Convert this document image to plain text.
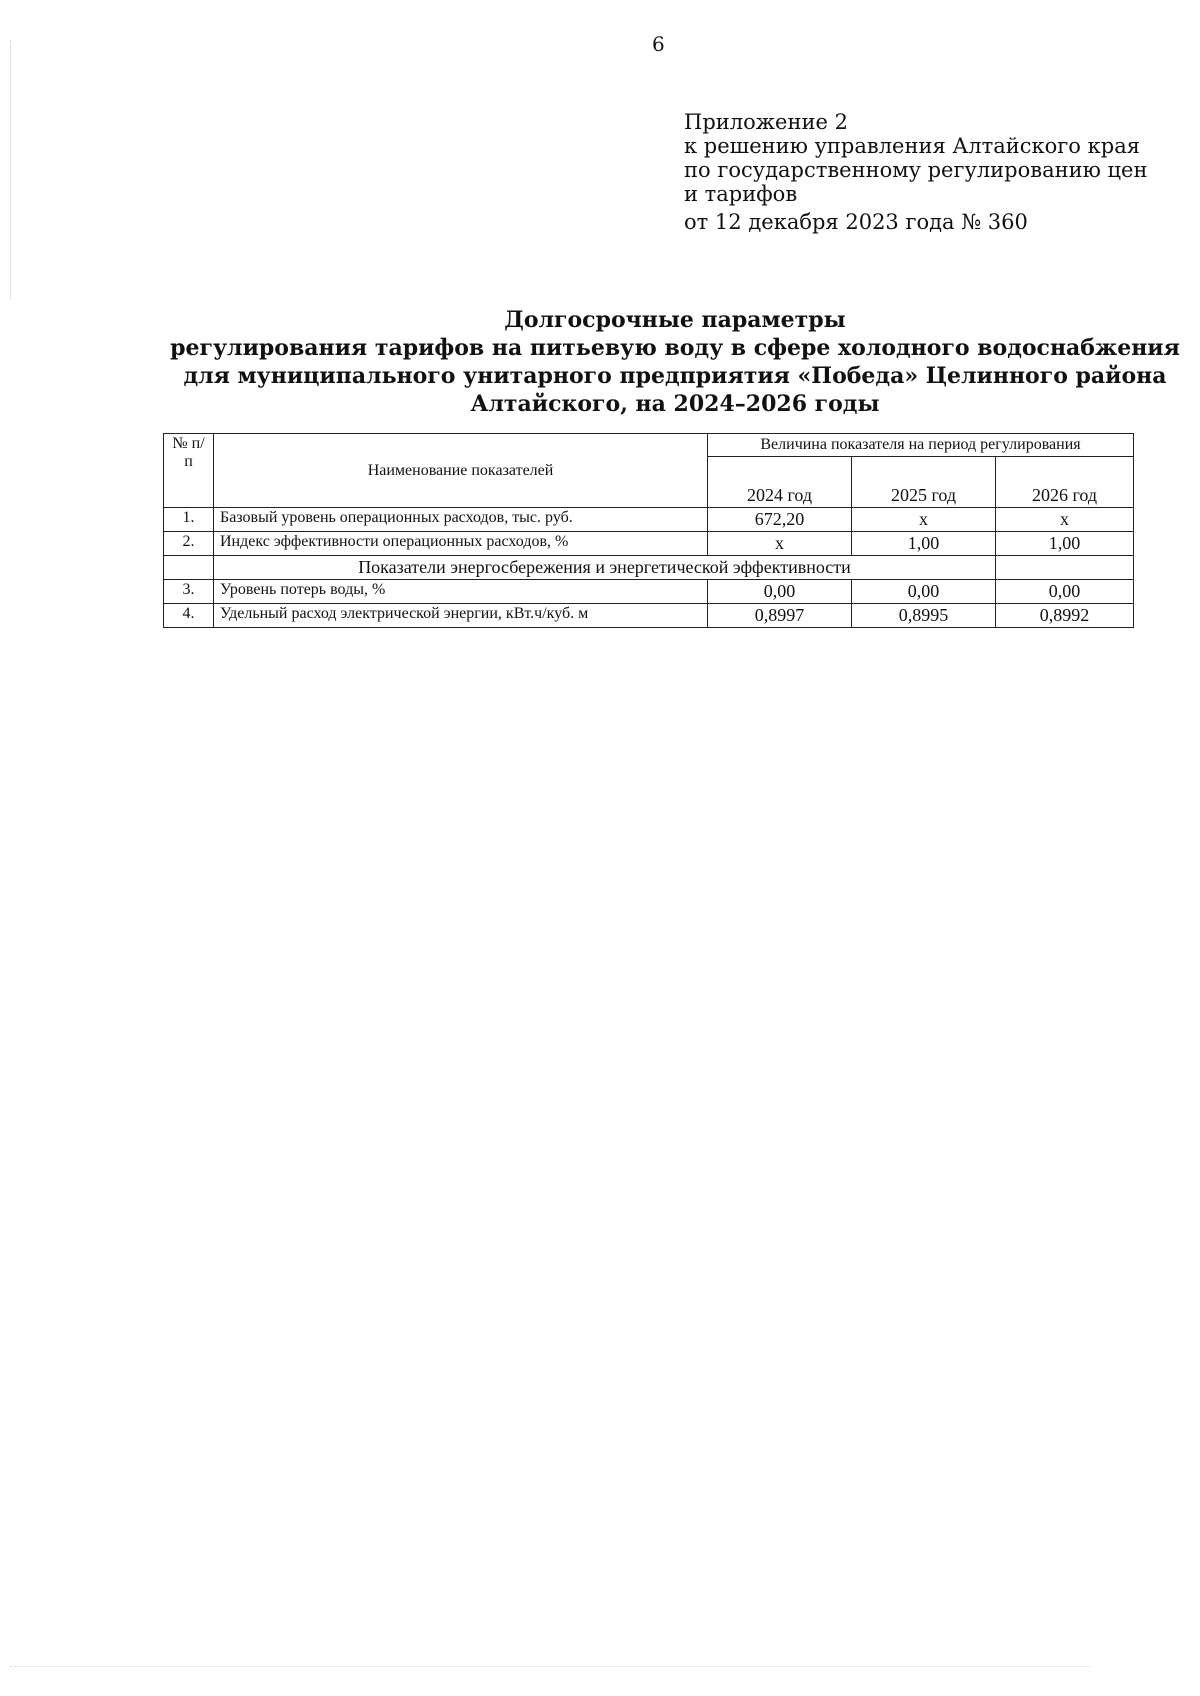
6
Приложение 2
к решению управления Алтайского края
по государственному регулированию цен
и тарифов
от 12 декабря 2023 года № 360
Долгосрочные параметры
регулирования тарифов на питьевую воду в сфере холодного водоснабжения
для муниципального унитарного предприятия «Победа» Целинного района
Алтайского, на 2024–2026 годы
№ п/п	Наименование показателей	Величина показателя на период регулирования		
		2024 год	2025 год	2026 год
1.	Базовый уровень операционных расходов, тыс. руб.	672,20	х	х
2.	Индекс эффективности операционных расходов, %	х	1,00	1,00
	Показатели энергосбережения и энергетической эффективности			
3.	Уровень потерь воды, %	0,00	0,00	0,00
4.	Удельный расход электрической энергии, кВт.ч/куб. м	0,8997	0,8995	0,8992
